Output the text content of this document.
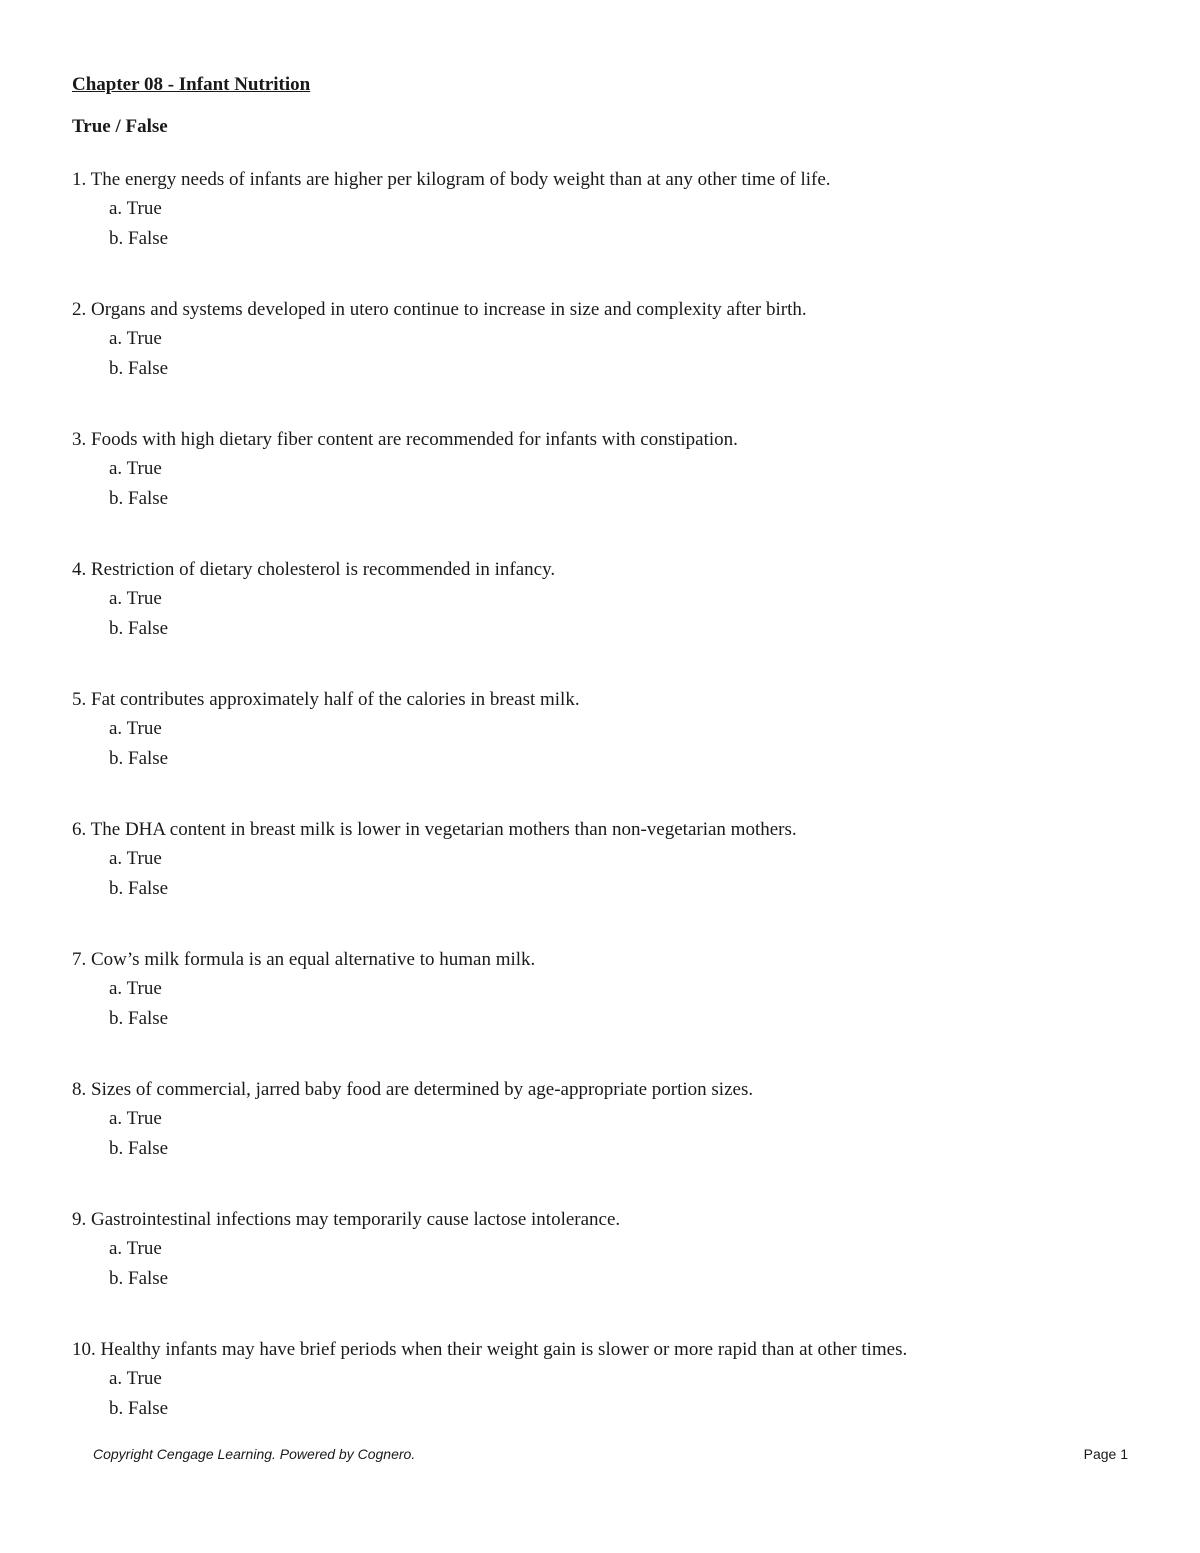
Chapter 08 - Infant Nutrition
True / False

1. The energy needs of infants are higher per kilogram of body weight than at any other time of life.

a. True

b. False

2. Organs and systems developed in utero continue to increase in size and complexity after birth.

a. True

b. False

3. Foods with high dietary fiber content are recommended for infants with constipation.

a. True

b. False

4. Restriction of dietary cholesterol is recommended in infancy.

a. True

b. False

5. Fat contributes approximately half of the calories in breast milk.

a. True

b. False

6. The DHA content in breast milk is lower in vegetarian mothers than non-vegetarian mothers.

a. True

b. False

7. Cow’s milk formula is an equal alternative to human milk.

a. True

b. False

8. Sizes of commercial, jarred baby food are determined by age-appropriate portion sizes.

a. True

b. False

9. Gastrointestinal infections may temporarily cause lactose intolerance.

a. True

b. False

10. Healthy infants may have brief periods when their weight gain is slower or more rapid than at other times.

a. True

b. False

Copyright Cengage Learning. Powered by Cognero.	Page 1
